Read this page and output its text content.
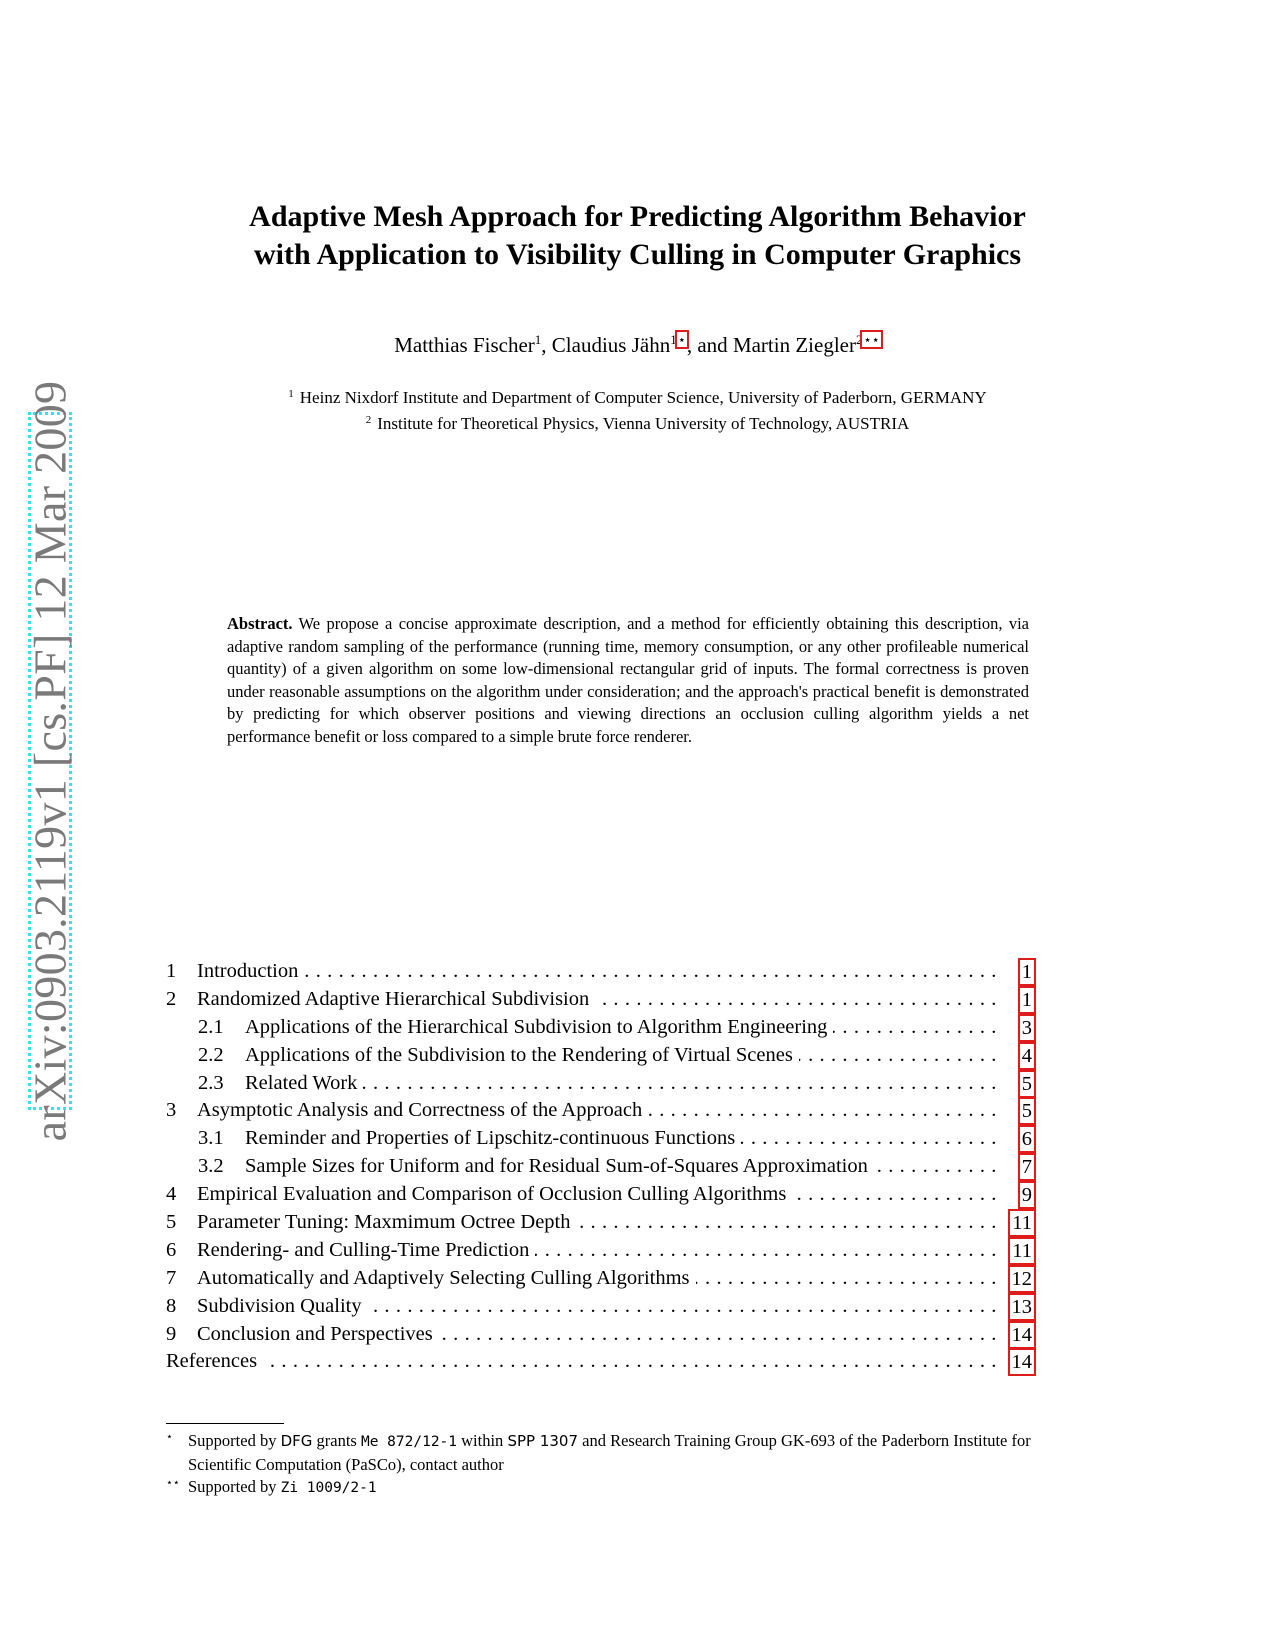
arXiv:0903.2119v1 [cs.PF] 12 Mar 2009
Adaptive Mesh Approach for Predicting Algorithm Behavior
with Application to Visibility Culling in Computer Graphics
Matthias Fischer$^1$, Claudius Jähn$^{1⋆}$, and Martin Ziegler$^{2⋆⋆}$
$^1$ Heinz Nixdorf Institute and Department of Computer Science, University of Paderborn, GERMANY
$^2$ Institute for Theoretical Physics, Vienna University of Technology, AUSTRIA
Abstract. We propose a concise approximate description, and a method for efficiently obtaining this description, via adaptive random sampling of the performance (running time, memory consumption, or any other profileable numerical quantity) of a given algorithm on some low-dimensional rectangular grid of inputs. The formal correctness is proven under reasonable assumptions on the algorithm under consideration; and the approach's practical benefit is demonstrated by predicting for which observer positions and viewing directions an occlusion culling algorithm yields a net performance benefit or loss compared to a simple brute force renderer.
1 . . . Introduction	1
2 . . . Randomized Adaptive Hierarchical Subdivision	1
2.1 . . . Applications of the Hierarchical Subdivision to Algorithm Engineering	3
2.2 . . . Applications of the Subdivision to the Rendering of Virtual Scenes	4
2.3 . . . Related Work	5
3 . . . Asymptotic Analysis and Correctness of the Approach	5
3.1 . . . Reminder and Properties of Lipschitz-continuous Functions	6
3.2 . . . Sample Sizes for Uniform and for Residual Sum-of-Squares Approximation	7
4 . . . Empirical Evaluation and Comparison of Occlusion Culling Algorithms	9
5 . . . Parameter Tuning: Maxmimum Octree Depth	11
6 . . . Rendering- and Culling-Time Prediction	11
7 . . . Automatically and Adaptively Selecting Culling Algorithms	12
8 . . . Subdivision Quality	13
9 . . . Conclusion and Perspectives	14
. . .
References	14
⋆ Supported by DFG grants Me 872/12-1 within SPP 1307 and Research Training Group GK-693 of the Paderborn Institute for Scientific Computation (PaSCo), contact author
⋆⋆ Supported by Zi 1009/2-1
